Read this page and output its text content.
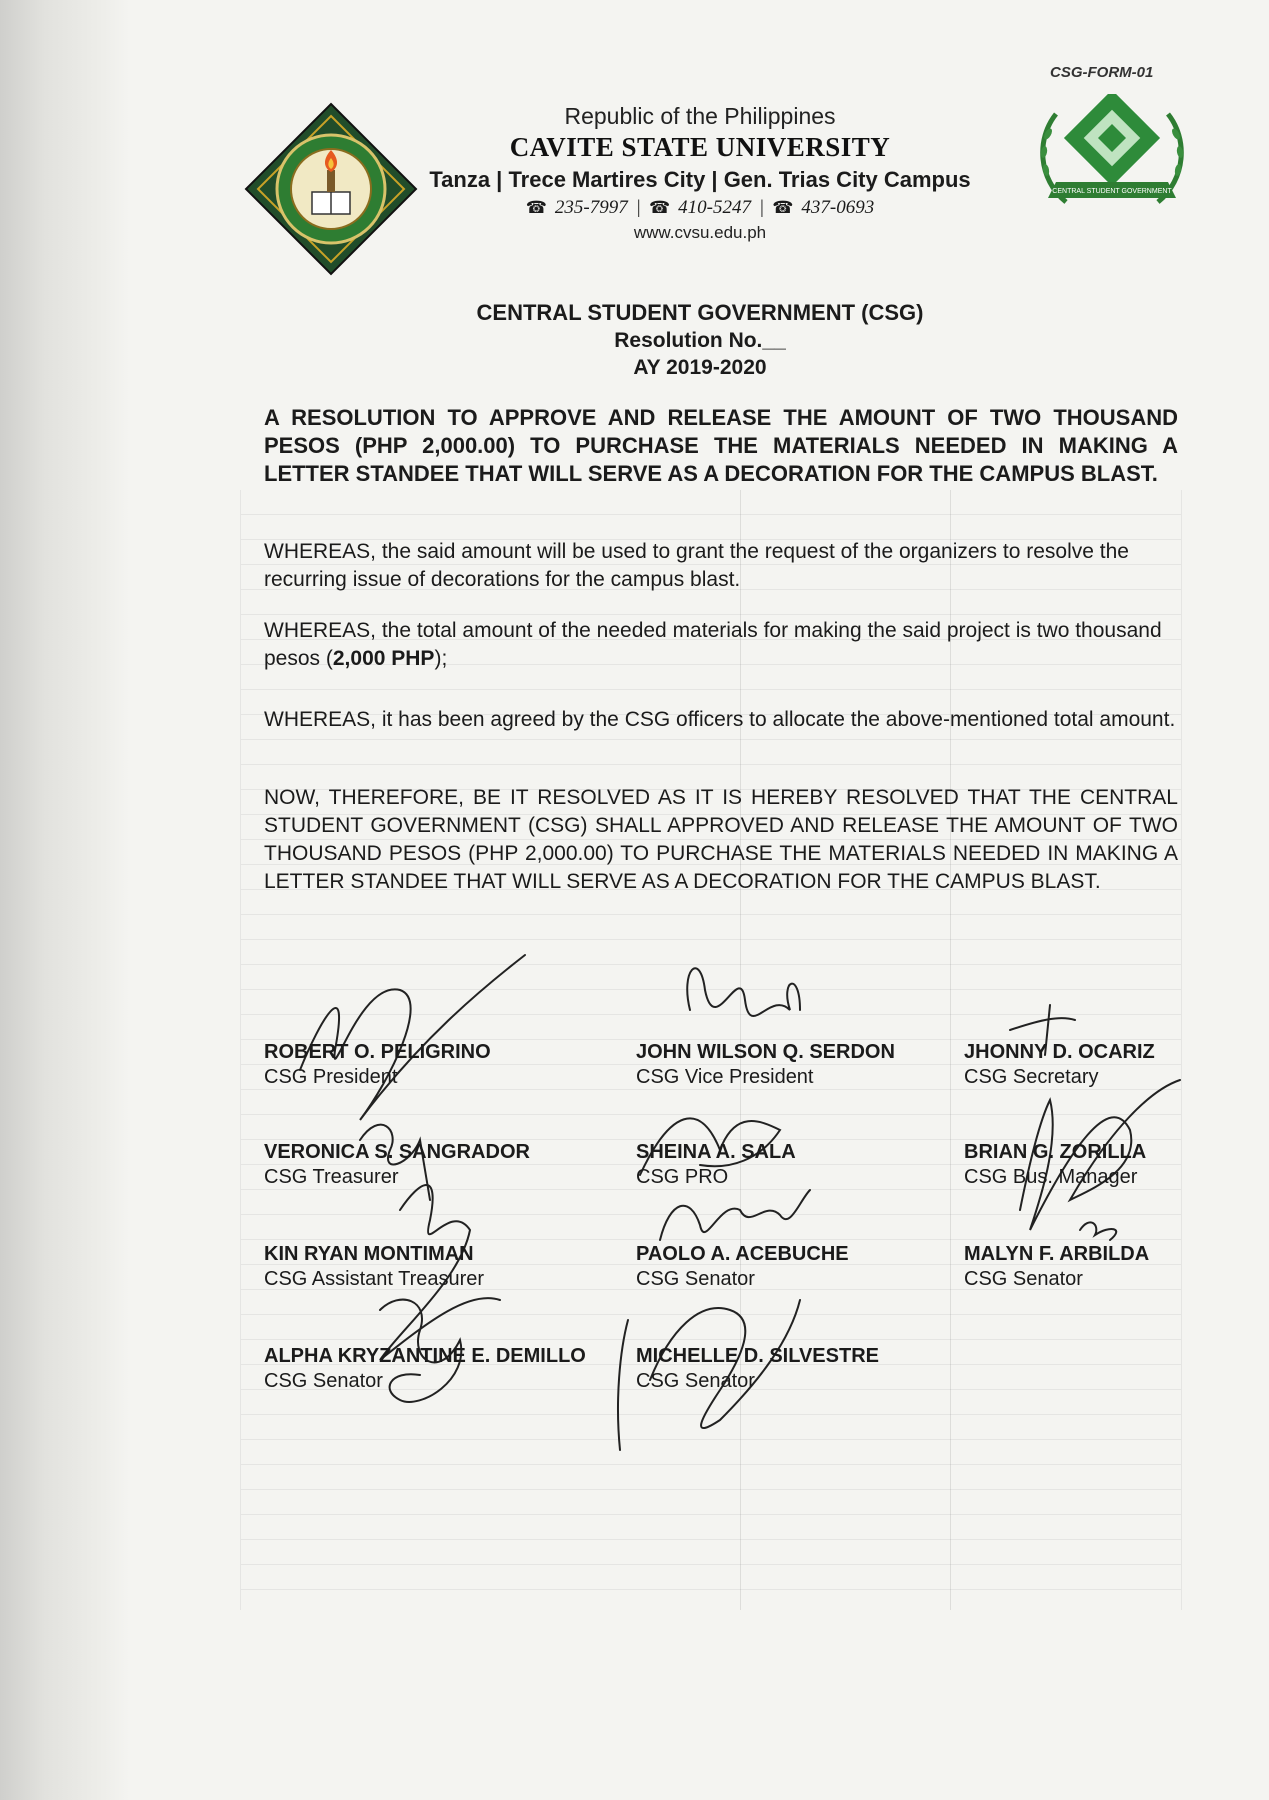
CSG-FORM-01
Republic of the Philippines
CAVITE STATE UNIVERSITY
Tanza | Trece Martires City | Gen. Trias City Campus
☎ 235-7997 | ☎ 410-5247 | ☎ 437-0693
www.cvsu.edu.ph
CENTRAL STUDENT GOVERNMENT
CENTRAL STUDENT GOVERNMENT (CSG)
Resolution No.__
AY 2019-2020
A RESOLUTION TO APPROVE AND RELEASE THE AMOUNT OF TWO THOUSAND PESOS (PHP 2,000.00) TO PURCHASE THE MATERIALS NEEDED IN MAKING A LETTER STANDEE THAT WILL SERVE AS A DECORATION FOR THE CAMPUS BLAST.
WHEREAS, the said amount will be used to grant the request of the organizers to resolve the recurring issue of decorations for the campus blast.
WHEREAS, the total amount of the needed materials for making the said project is two thousand pesos (2,000 PHP);
WHEREAS, it has been agreed by the CSG officers to allocate the above-mentioned total amount.
NOW, THEREFORE, BE IT RESOLVED AS IT IS HEREBY RESOLVED THAT THE CENTRAL STUDENT GOVERNMENT (CSG) SHALL APPROVED AND RELEASE THE AMOUNT OF TWO THOUSAND PESOS (PHP 2,000.00) TO PURCHASE THE MATERIALS NEEDED IN MAKING A LETTER STANDEE THAT WILL SERVE AS A DECORATION FOR THE CAMPUS BLAST.
ROBERT O. PELIGRINO
CSG President
JOHN WILSON Q. SERDON
CSG Vice President
JHONNY D. OCARIZ
CSG Secretary
VERONICA S. SANGRADOR
CSG Treasurer
SHEINA A. SALA
CSG PRO
BRIAN G. ZORILLA
CSG Bus. Manager
KIN RYAN MONTIMAN
CSG Assistant Treasurer
PAOLO A. ACEBUCHE
CSG Senator
MALYN F. ARBILDA
CSG Senator
ALPHA KRYZANTINE E. DEMILLO
CSG Senator
MICHELLE D. SILVESTRE
CSG Senator
